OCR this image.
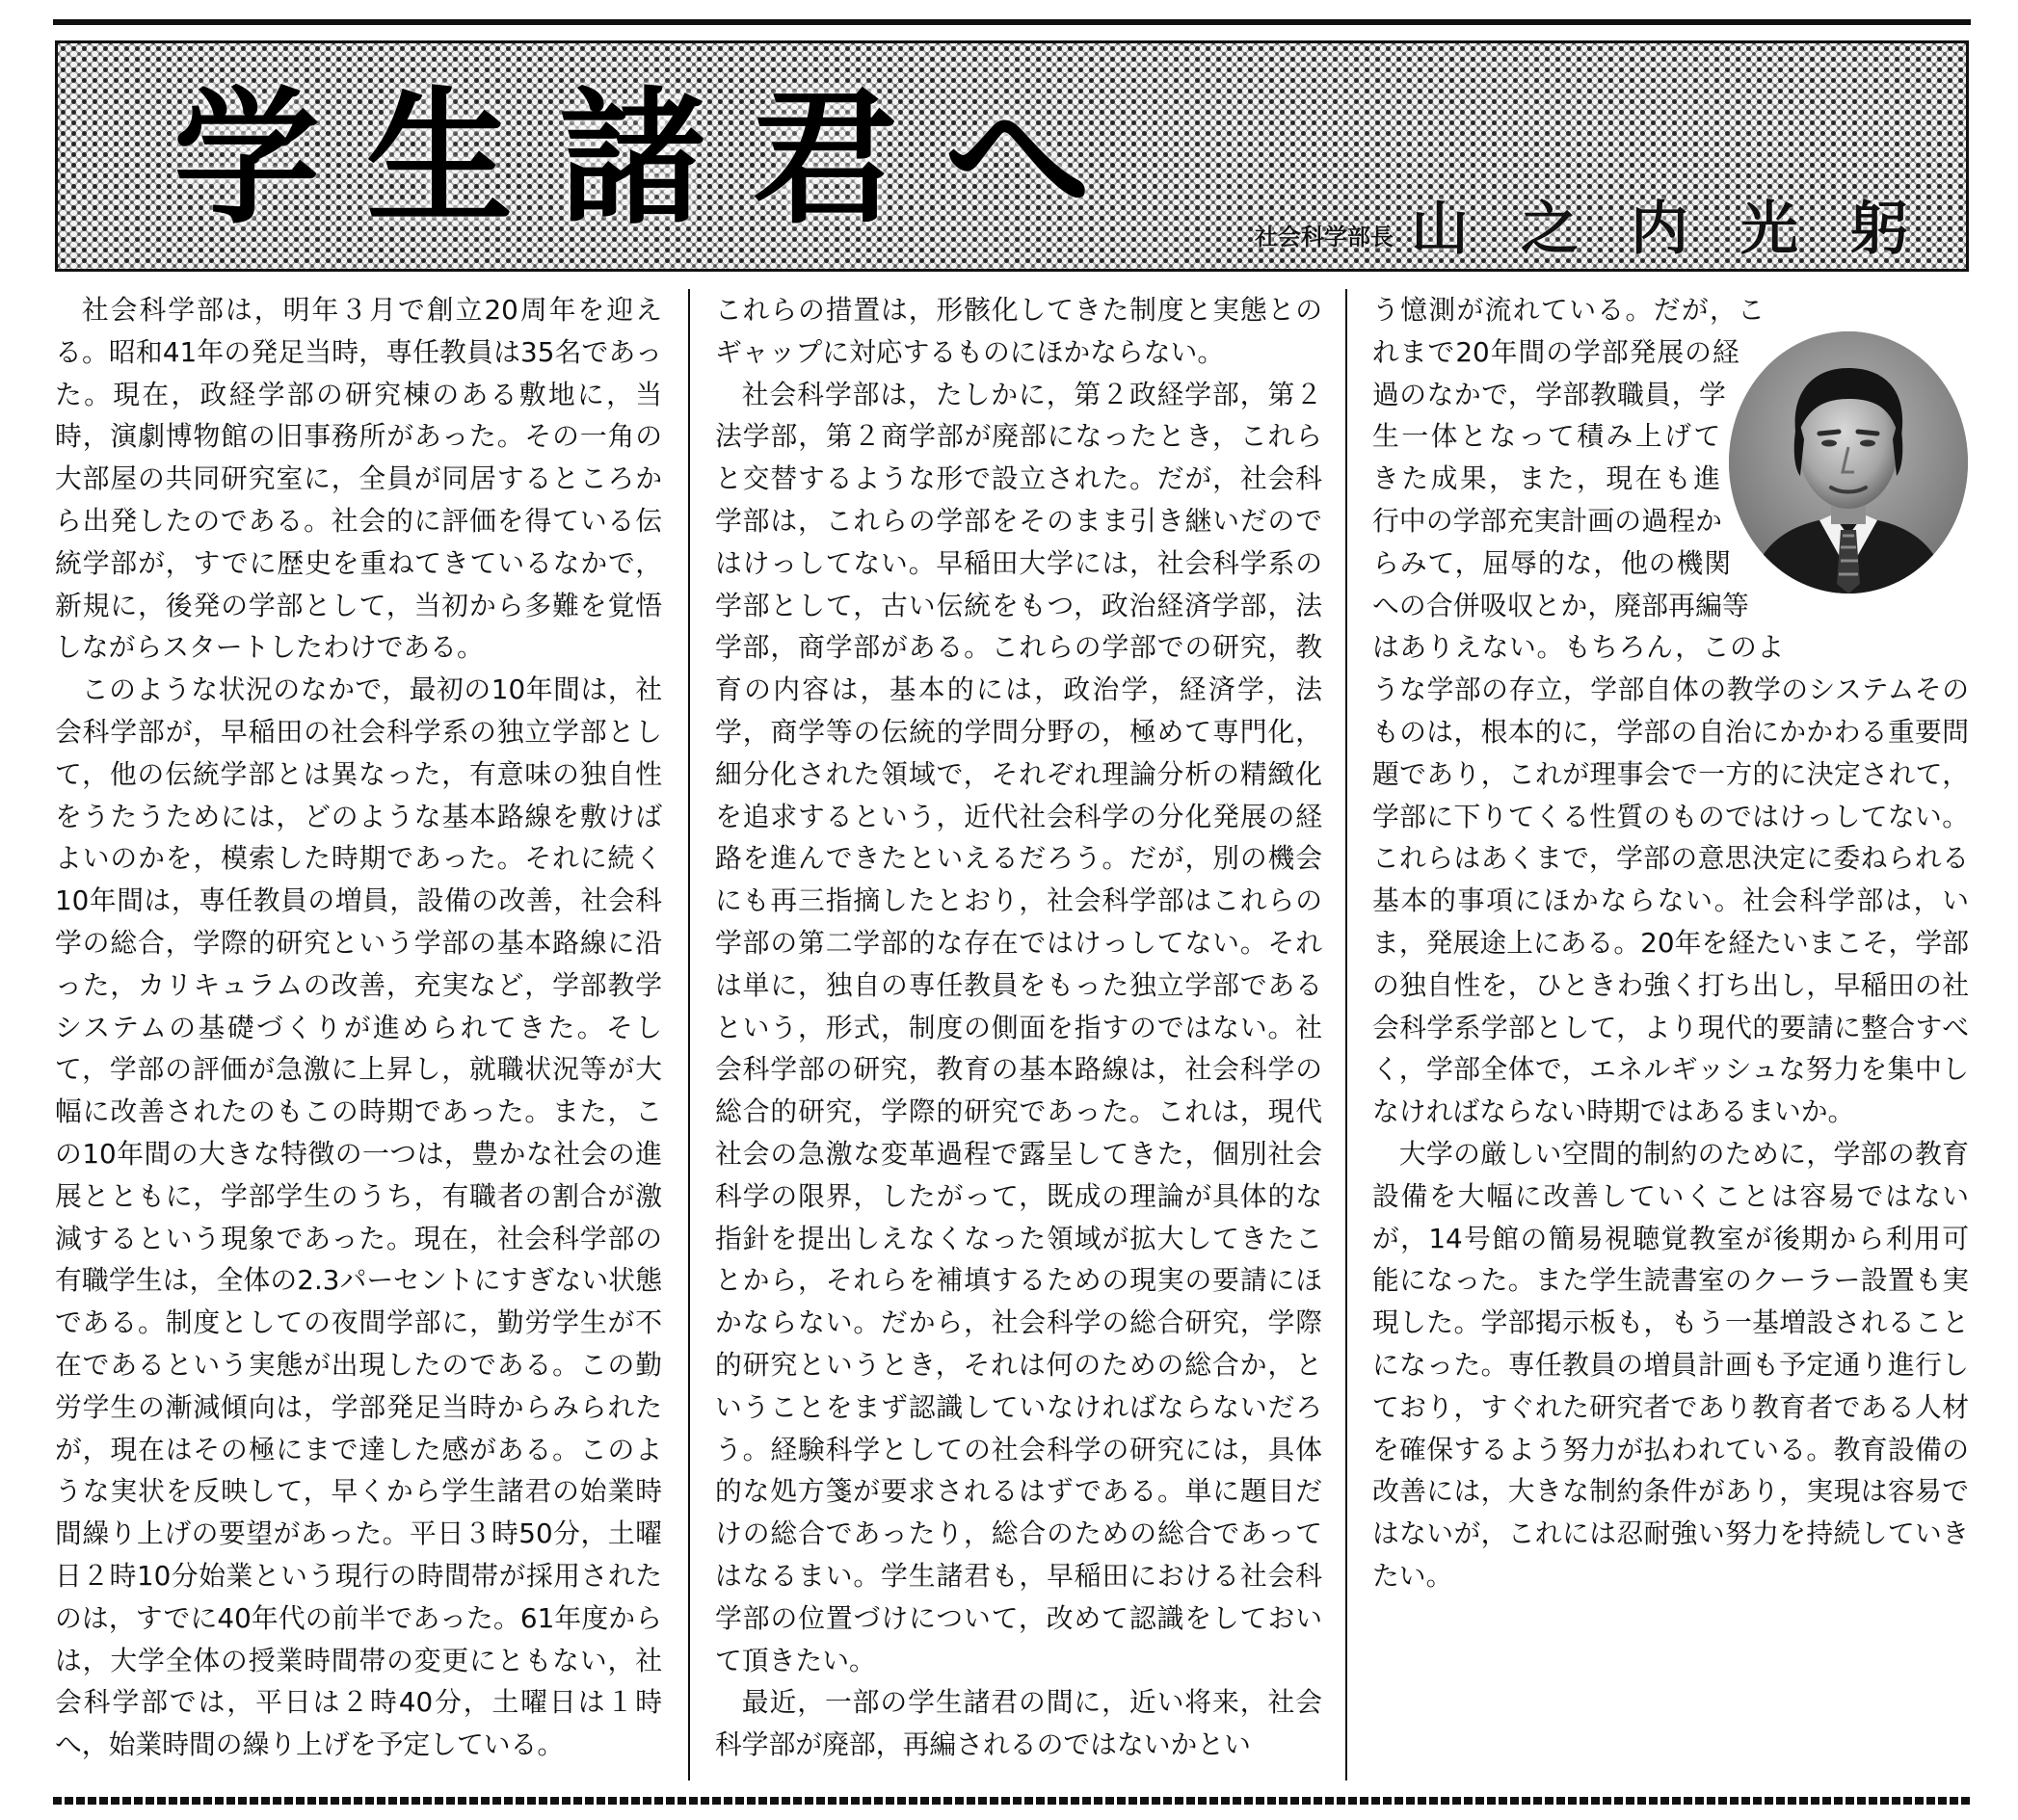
学生諸君へ	社会科学部長 山之内光躬

社会科学部は，明年３月で創立20周年を迎える。昭和41年の発足当時，専任教員は35名であった。現在，政経学部の研究棟のある敷地に，当時，演劇博物館の旧事務所があった。その一角の大部屋の共同研究室に，全員が同居するところから出発したのである。社会的に評価を得ている伝統学部が，すでに歴史を重ねてきているなかで，新規に，後発の学部として，当初から多難を覚悟しながらスタートしたわけである。

このような状況のなかで，最初の10年間は，社会科学部が，早稲田の社会科学系の独立学部として，他の伝統学部とは異なった，有意味の独自性をうたうためには，どのような基本路線を敷けばよいのかを，模索した時期であった。それに続く10年間は，専任教員の増員，設備の改善，社会科学の総合，学際的研究という学部の基本路線に沿った，カリキュラムの改善，充実など，学部教学システムの基礎づくりが進められてきた。そして，学部の評価が急激に上昇し，就職状況等が大幅に改善されたのもこの時期であった。また，この10年間の大きな特徴の一つは，豊かな社会の進展とともに，学部学生のうち，有職者の割合が激減するという現象であった。現在，社会科学部の有職学生は，全体の2.3パーセントにすぎない状態である。制度としての夜間学部に，勤労学生が不在であるという実態が出現したのである。この勤労学生の漸減傾向は，学部発足当時からみられたが，現在はその極にまで達した感がある。このような実状を反映して，早くから学生諸君の始業時間繰り上げの要望があった。平日３時50分，土曜日２時10分始業という現行の時間帯が採用されたのは，すでに40年代の前半であった。61年度からは，大学全体の授業時間帯の変更にともない，社会科学部では，平日は２時40分，土曜日は１時へ，始業時間の繰り上げを予定している。

これらの措置は，形骸化してきた制度と実態とのギャップに対応するものにほかならない。

社会科学部は，たしかに，第２政経学部，第２法学部，第２商学部が廃部になったとき，これらと交替するような形で設立された。だが，社会科学部は，これらの学部をそのまま引き継いだのではけっしてない。早稲田大学には，社会科学系の学部として，古い伝統をもつ，政治経済学部，法学部，商学部がある。これらの学部での研究，教育の内容は，基本的には，政治学，経済学，法学，商学等の伝統的学問分野の，極めて専門化，細分化された領域で，それぞれ理論分析の精緻化を追求するという，近代社会科学の分化発展の経路を進んできたといえるだろう。だが，別の機会にも再三指摘したとおり，社会科学部はこれらの学部の第二学部的な存在ではけっしてない。それは単に，独自の専任教員をもった独立学部であるという，形式，制度の側面を指すのではない。社会科学部の研究，教育の基本路線は，社会科学の総合的研究，学際的研究であった。これは，現代社会の急激な変革過程で露呈してきた，個別社会科学の限界，したがって，既成の理論が具体的な指針を提出しえなくなった領域が拡大してきたことから，それらを補填するための現実の要請にほかならない。だから，社会科学の総合研究，学際的研究というとき，それは何のための総合か，ということをまず認識していなければならないだろう。経験科学としての社会科学の研究には，具体的な処方箋が要求されるはずである。単に題目だけの総合であったり，総合のための総合であってはなるまい。学生諸君も，早稲田における社会科学部の位置づけについて，改めて認識をしておいて頂きたい。

最近，一部の学生諸君の間に，近い将来，社会科学部が廃部，再編されるのではないかとい

う憶測が流れている。だが，これまで20年間の学部発展の経過のなかで，学部教職員，学生一体となって積み上げてきた成果，また，現在も進行中の学部充実計画の過程からみて，屈辱的な，他の機関への合併吸収とか，廃部再編等はありえない。もちろん，このような学部の存立，学部自体の教学のシステムそのものは，根本的に，学部の自治にかかわる重要問題であり，これが理事会で一方的に決定されて，学部に下りてくる性質のものではけっしてない。これらはあくまで，学部の意思決定に委ねられる基本的事項にほかならない。社会科学部は，いま，発展途上にある。20年を経たいまこそ，学部の独自性を，ひときわ強く打ち出し，早稲田の社会科学系学部として，より現代的要請に整合すべく，学部全体で，エネルギッシュな努力を集中しなければならない時期ではあるまいか。

大学の厳しい空間的制約のために，学部の教育設備を大幅に改善していくことは容易ではないが，14号館の簡易視聴覚教室が後期から利用可能になった。また学生読書室のクーラー設置も実現した。学部掲示板も，もう一基増設されることになった。専任教員の増員計画も予定通り進行しており，すぐれた研究者であり教育者である人材を確保するよう努力が払われている。教育設備の改善には，大きな制約条件があり，実現は容易ではないが，これには忍耐強い努力を持続していきたい。
